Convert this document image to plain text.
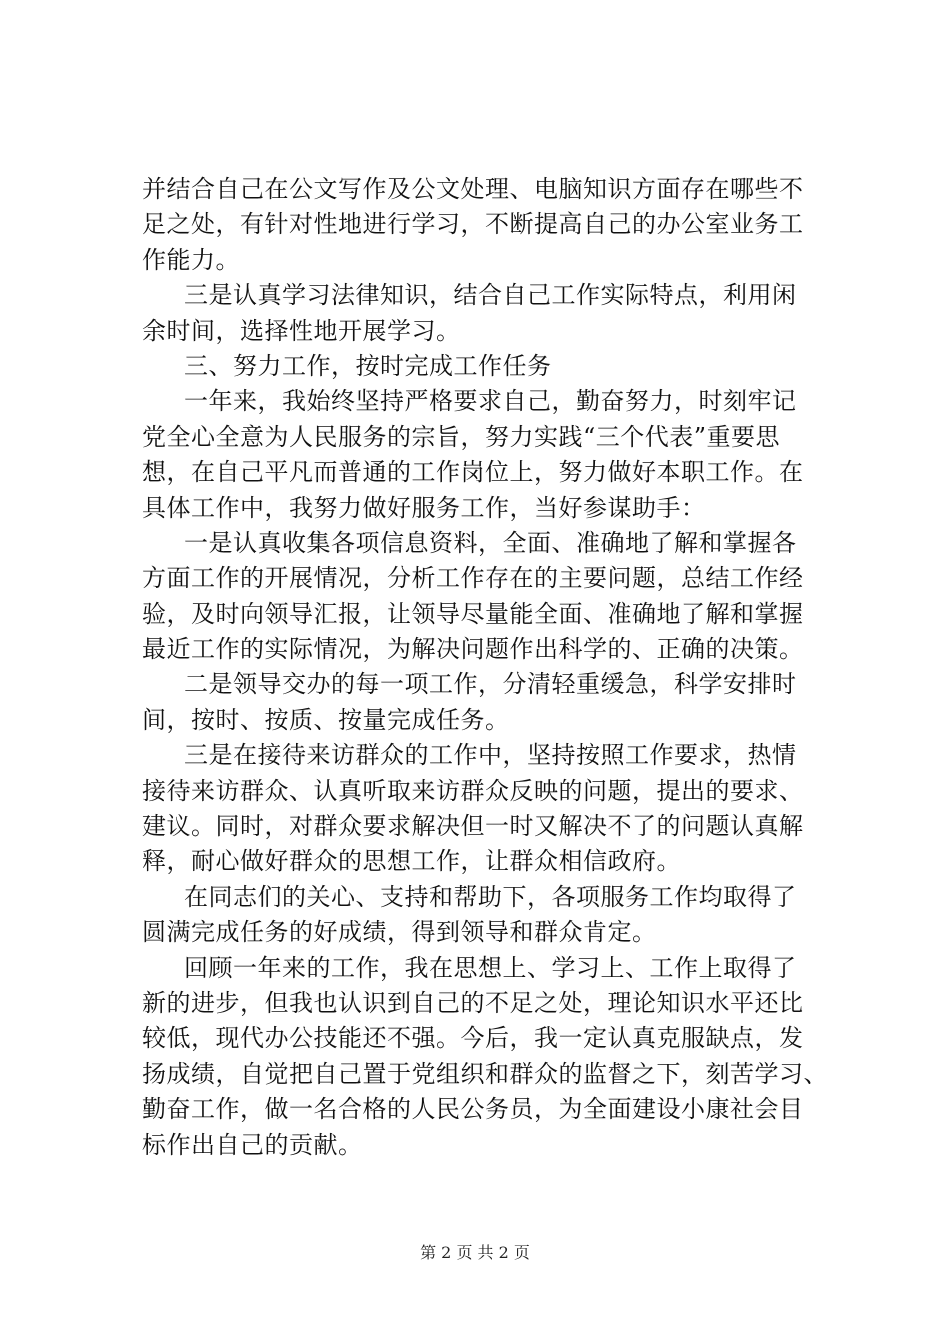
并结合自己在公文写作及公文处理、电脑知识方面存在哪些不
足之处，有针对性地进行学习，不断提高自己的办公室业务工
作能力。
三是认真学习法律知识，结合自己工作实际特点，利用闲
余时间，选择性地开展学习。
三、努力工作，按时完成工作任务
一年来，我始终坚持严格要求自己，勤奋努力，时刻牢记
党全心全意为人民服务的宗旨，努力实践“三个代表”重要思
想，在自己平凡而普通的工作岗位上，努力做好本职工作。在
具体工作中，我努力做好服务工作，当好参谋助手：
一是认真收集各项信息资料，全面、准确地了解和掌握各
方面工作的开展情况，分析工作存在的主要问题，总结工作经
验，及时向领导汇报，让领导尽量能全面、准确地了解和掌握
最近工作的实际情况，为解决问题作出科学的、正确的决策。
二是领导交办的每一项工作，分清轻重缓急，科学安排时
间，按时、按质、按量完成任务。
三是在接待来访群众的工作中，坚持按照工作要求，热情
接待来访群众、认真听取来访群众反映的问题，提出的要求、
建议。同时，对群众要求解决但一时又解决不了的问题认真解
释，耐心做好群众的思想工作，让群众相信政府。
在同志们的关心、支持和帮助下，各项服务工作均取得了
圆满完成任务的好成绩，得到领导和群众肯定。
回顾一年来的工作，我在思想上、学习上、工作上取得了
新的进步，但我也认识到自己的不足之处，理论知识水平还比
较低，现代办公技能还不强。今后，我一定认真克服缺点，发
扬成绩，自觉把自己置于党组织和群众的监督之下，刻苦学习、
勤奋工作，做一名合格的人民公务员，为全面建设小康社会目
标作出自己的贡献。
第 2 页 共 2 页
